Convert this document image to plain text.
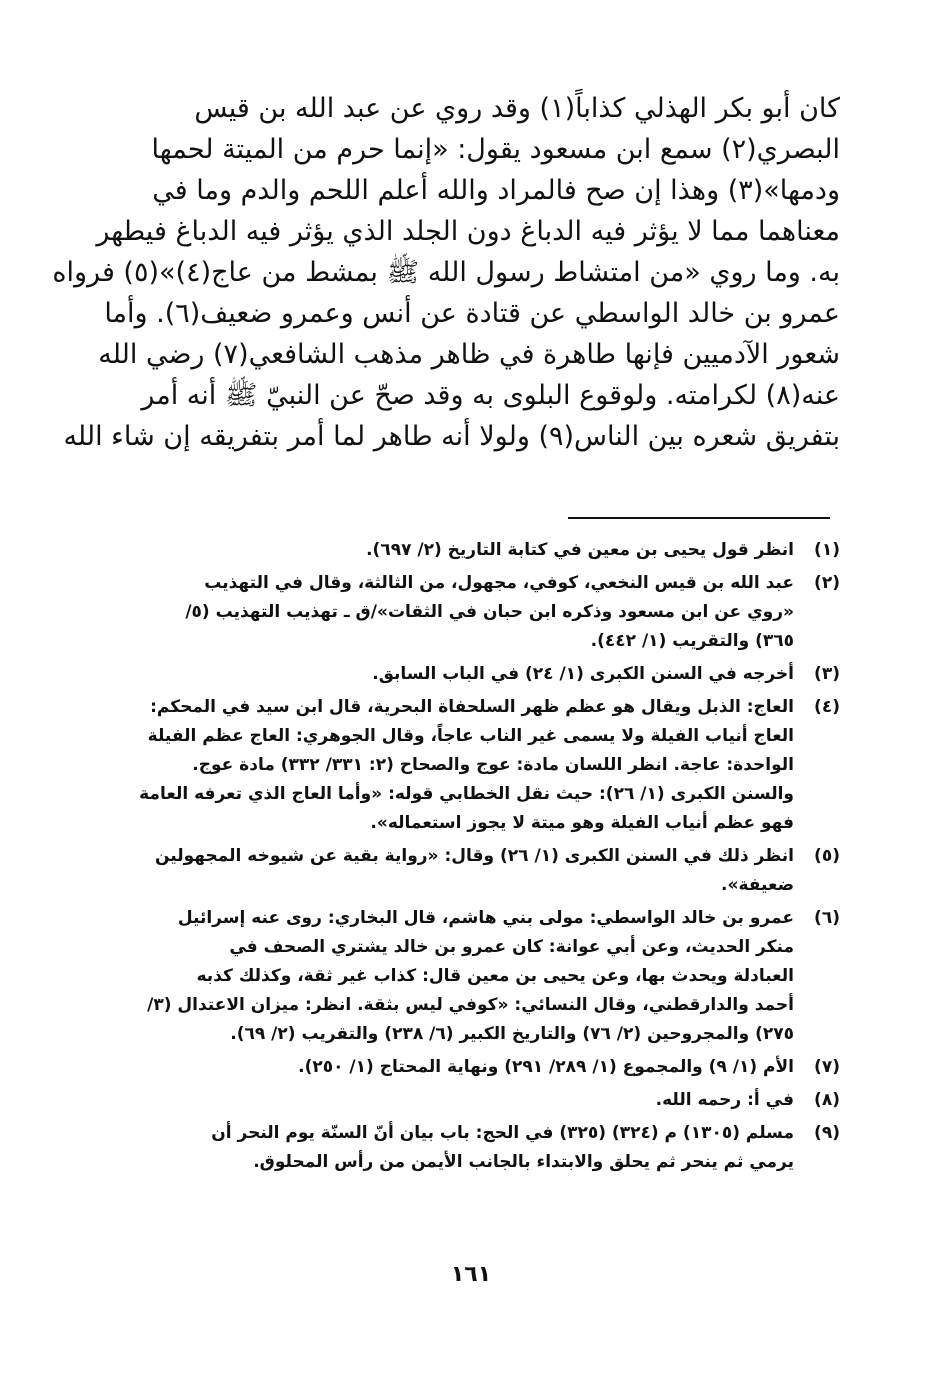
كان أبو بكر الهذلي كذاباً(١) وقد روي عن عبد الله بن قيس
البصري(٢) سمع ابن مسعود يقول: «إنما حرم من الميتة لحمها
ودمها»(٣) وهذا إن صح فالمراد والله أعلم اللحم والدم وما في
معناهما مما لا يؤثر فيه الدباغ دون الجلد الذي يؤثر فيه الدباغ فيطهر
به. وما روي «من امتشاط رسول الله ﷺ بمشط من عاج(٤)»(٥) فرواه
عمرو بن خالد الواسطي عن قتادة عن أنس وعمرو ضعيف(٦). وأما
شعور الآدميين فإنها طاهرة في ظاهر مذهب الشافعي(٧) رضي الله
عنه(٨) لكرامته. ولوقوع البلوى به وقد صحّ عن النبيّ ﷺ أنه أمر
بتفريق شعره بين الناس(٩) ولولا أنه طاهر لما أمر بتفريقه إن شاء الله
(١)
انظر قول يحيى بن معين في كتابة التاريخ (٢/ ٦٩٧).
(٢)
عبد الله بن قيس النخعي، كوفي، مجهول، من الثالثة، وقال في التهذيب
«روي عن ابن مسعود وذكره ابن حبان في الثقات»/ق ـ تهذيب التهذيب (٥/
٣٦٥) والتقريب (١/ ٤٤٢).
(٣)
أخرجه في السنن الكبرى (١/ ٢٤) في الباب السابق.
(٤)
العاج: الذبل ويقال هو عظم ظهر السلحفاة البحرية، قال ابن سيد في المحكم:
العاج أنياب الفيلة ولا يسمى غير الناب عاجاً، وقال الجوهري: العاج عظم الفيلة
الواحدة: عاجة. انظر اللسان مادة: عوج والصحاح (٢: ٣٣١/ ٣٣٢) مادة عوج.
والسنن الكبرى (١/ ٢٦): حيث نقل الخطابي قوله: «وأما العاج الذي تعرفه العامة
فهو عظم أنياب الفيلة وهو ميتة لا يجوز استعماله».
(٥)
انظر ذلك في السنن الكبرى (١/ ٢٦) وقال: «رواية بقية عن شيوخه المجهولين
ضعيفة».
(٦)
عمرو بن خالد الواسطي: مولى بني هاشم، قال البخاري: روى عنه إسرائيل
منكر الحديث، وعن أبي عوانة: كان عمرو بن خالد يشتري الصحف في
العبادلة ويحدث بها، وعن يحيى بن معين قال: كذاب غير ثقة، وكذلك كذبه
أحمد والدارقطني، وقال النسائي: «كوفي ليس بثقة. انظر: ميزان الاعتدال (٣/
٢٧٥) والمجروحين (٢/ ٧٦) والتاريخ الكبير (٦/ ٢٣٨) والتقريب (٢/ ٦٩).
(٧)
الأم (١/ ٩) والمجموع (١/ ٢٨٩/ ٢٩١) ونهاية المحتاج (١/ ٢٥٠).
(٨)
في أ: رحمه الله.
(٩)
مسلم (١٣٠٥) م (٣٢٤) (٣٢٥) في الحج: باب بيان أنّ السنّة يوم النحر أن
يرمي ثم ينحر ثم يحلق والابتداء بالجانب الأيمن من رأس المحلوق.
١٦١
